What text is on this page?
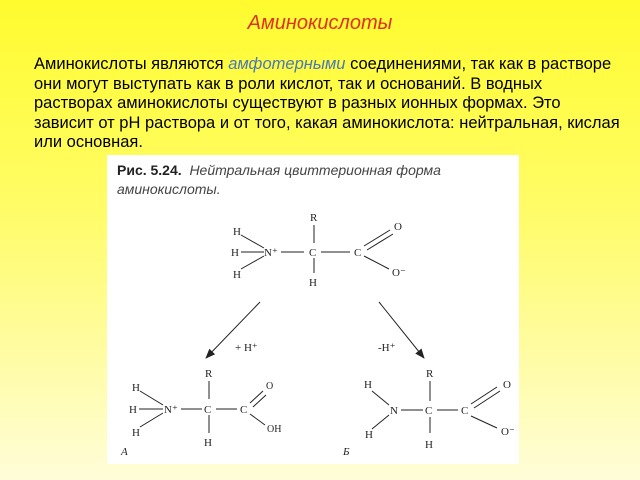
Аминокислоты
Аминокислоты являются амфотерными соединениями, так как в растворе они могут выступать как в роли кислот, так и оснований. В водных растворах аминокислоты существуют в разных ионных формах. Это зависит от pH раствора и от того, какая аминокислота: нейтральная, кислая или основная.
Рис. 5.24. Нейтральная цвиттерионная форма аминокислоты.
R
H
H
H
N⁺	C	C
H
O
O⁻
+ H⁺	-H⁺
R
H
H
H
N⁺ C	C
H
O
OH
А
R
H
H
N C	C
H
O
O⁻
Б
